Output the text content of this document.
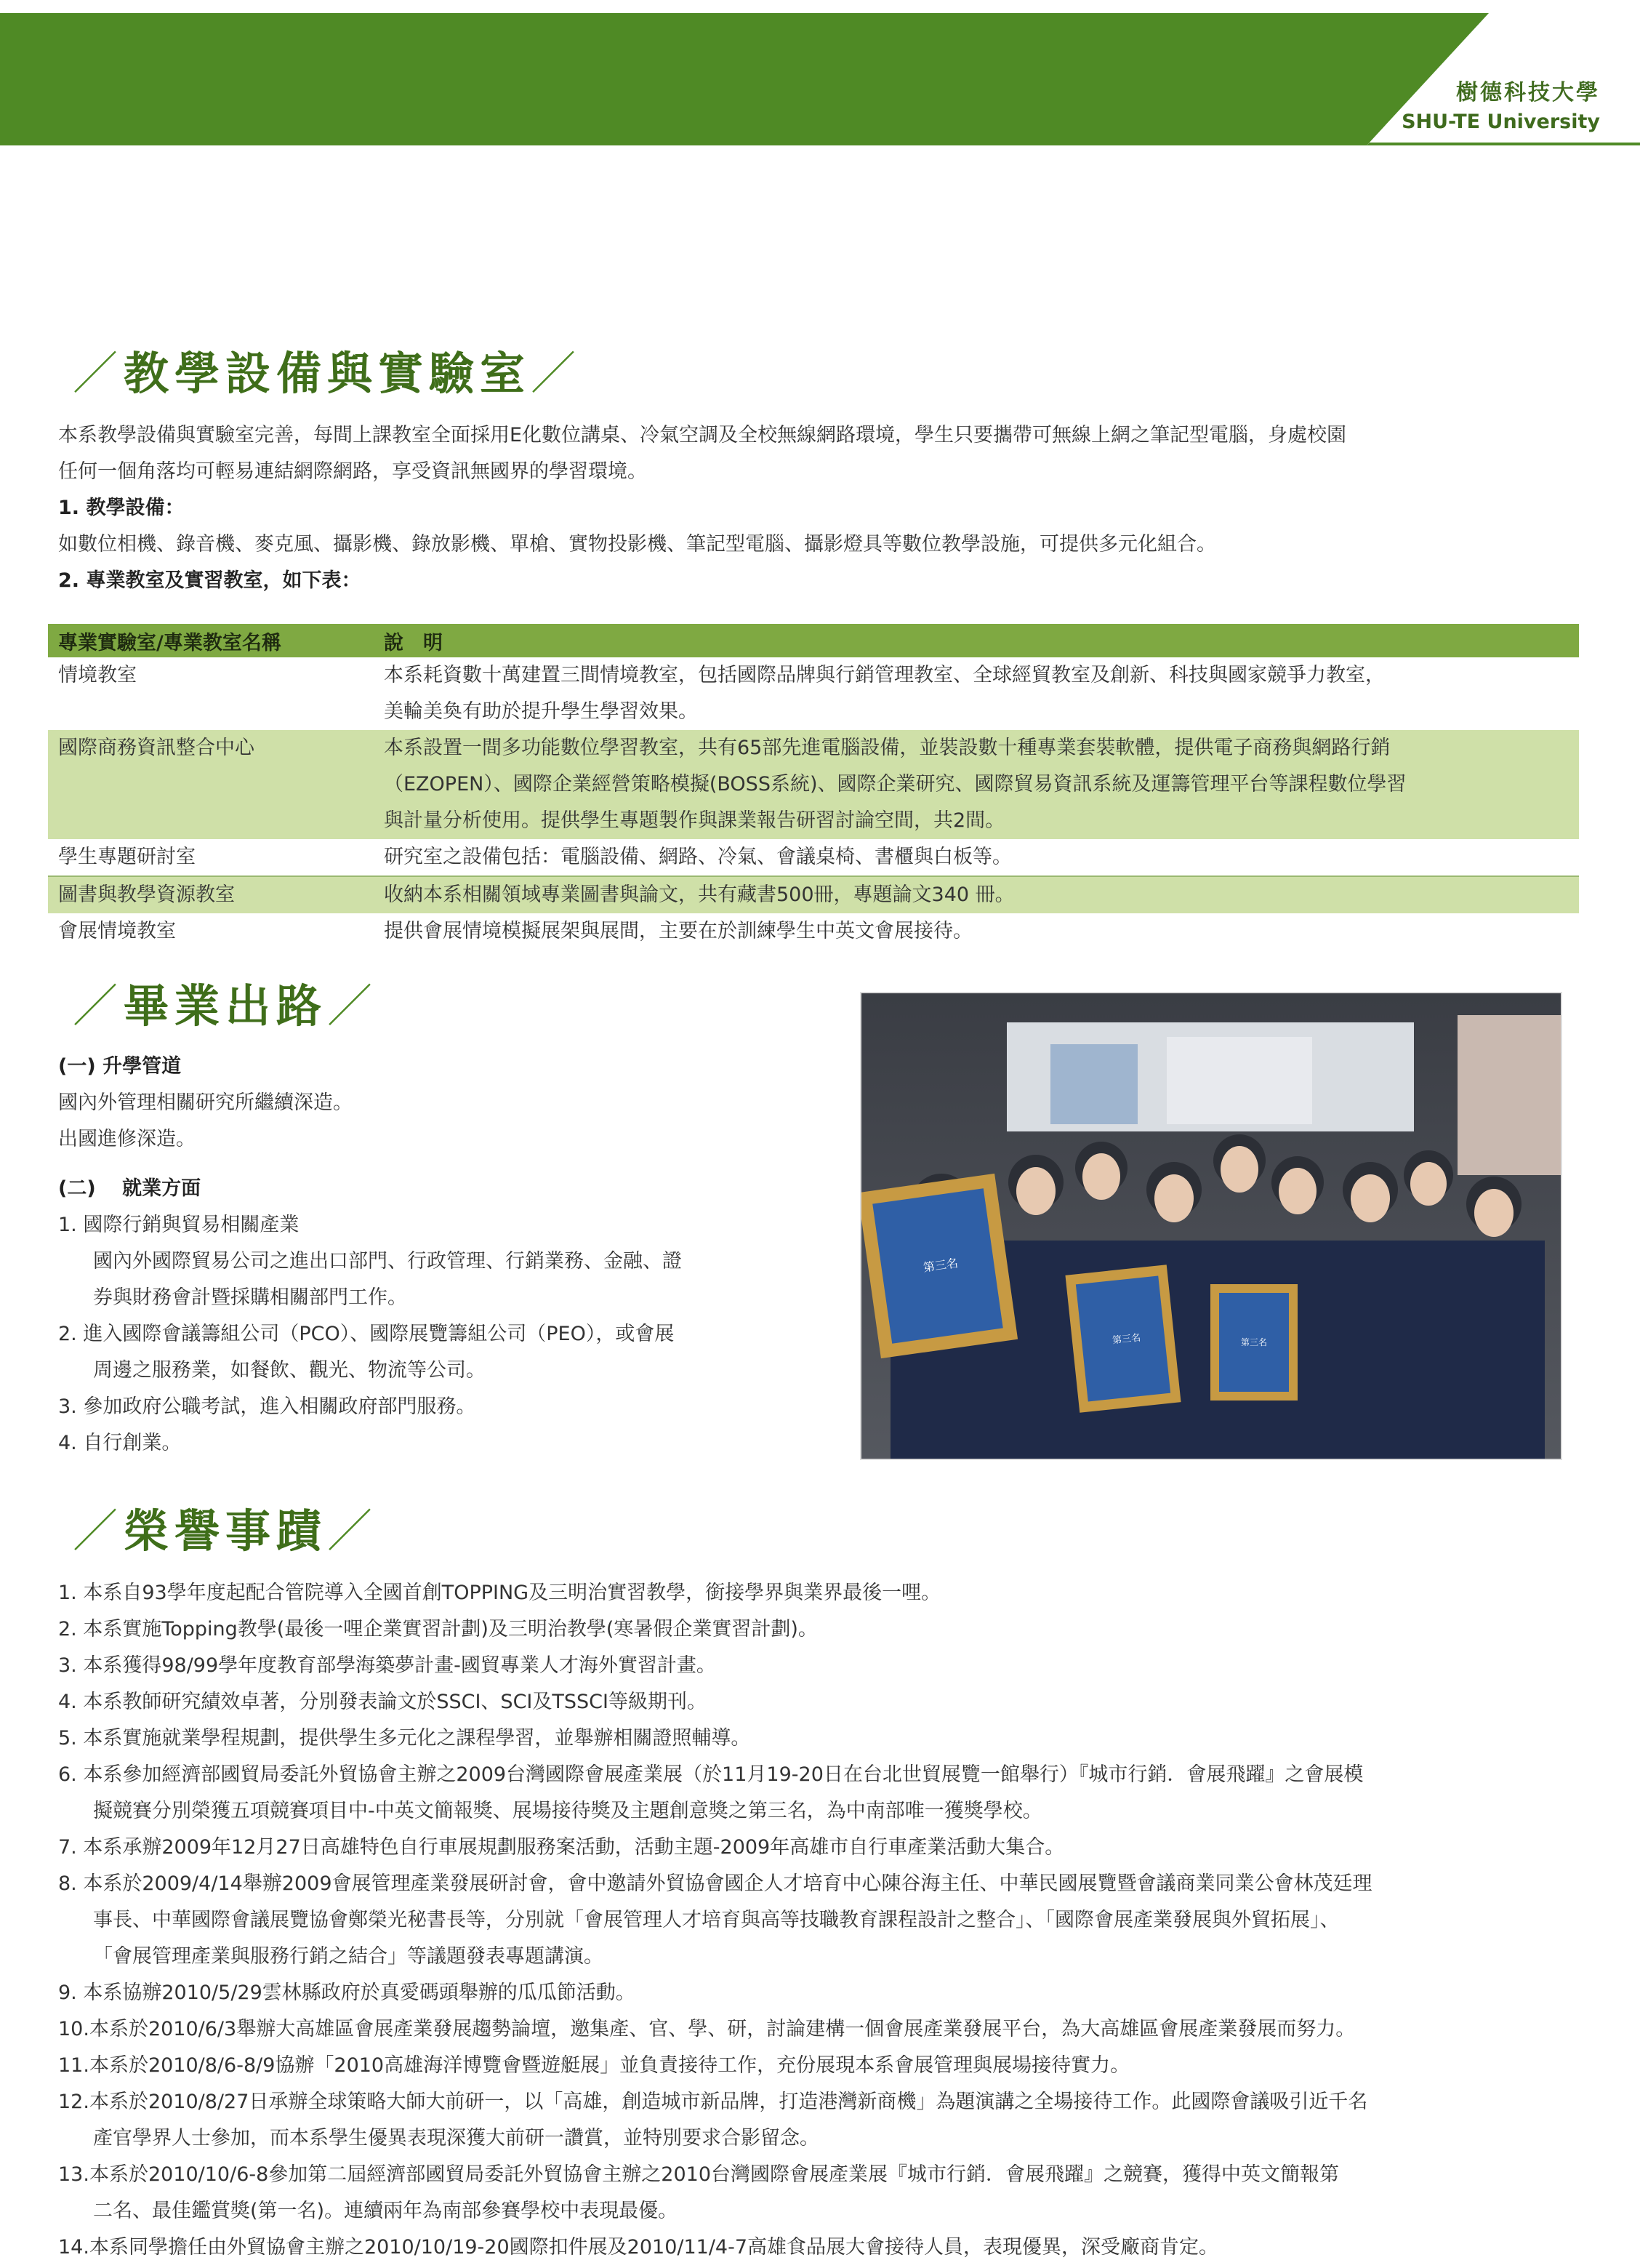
樹德科技大學
SHU-TE University
／教學設備與實驗室／
本系教學設備與實驗室完善，每間上課教室全面採用E化數位講桌、冷氣空調及全校無線網路環境，學生只要攜帶可無線上網之筆記型電腦，身處校園
任何一個角落均可輕易連結網際網路，享受資訊無國界的學習環境。
1. 教學設備：
如數位相機、錄音機、麥克風、攝影機、錄放影機、單槍、實物投影機、筆記型電腦、攝影燈具等數位教學設施，可提供多元化組合。
2. 專業教室及實習教室，如下表：
專業實驗室/專業教室名稱	說　明
情境教室	本系耗資數十萬建置三間情境教室，包括國際品牌與行銷管理教室、全球經貿教室及創新、科技與國家競爭力教室，
美輪美奐有助於提升學生學習效果。

國際商務資訊整合中心	本系設置一間多功能數位學習教室，共有65部先進電腦設備，並裝設數十種專業套裝軟體，提供電子商務與網路行銷
（EZOPEN）、國際企業經營策略模擬(BOSS系統)、國際企業研究、國際貿易資訊系統及運籌管理平台等課程數位學習
與計量分析使用。提供學生專題製作與課業報告研習討論空間，共2間。

學生專題研討室	研究室之設備包括：電腦設備、網路、冷氣、會議桌椅、書櫃與白板等。

圖書與教學資源教室	收納本系相關領域專業圖書與論文，共有藏書500冊，專題論文340 冊。

會展情境教室	提供會展情境模擬展架與展間，主要在於訓練學生中英文會展接待。
／畢業出路／
(一) 升學管道
國內外管理相關研究所繼續深造。
出國進修深造。
(二)　 就業方面
1. 國際行銷與貿易相關產業
國內外國際貿易公司之進出口部門、行政管理、行銷業務、金融、證
券與財務會計暨採購相關部門工作。
2. 進入國際會議籌組公司（PCO）、國際展覽籌組公司（PEO），或會展
周邊之服務業，如餐飲、觀光、物流等公司。
3. 參加政府公職考試，進入相關政府部門服務。
4. 自行創業。
第三名
第三名	第三名
／榮譽事蹟／
1. 本系自93學年度起配合管院導入全國首創TOPPING及三明治實習教學，銜接學界與業界最後一哩。
2. 本系實施Topping教學(最後一哩企業實習計劃)及三明治教學(寒暑假企業實習計劃)。
3. 本系獲得98/99學年度教育部學海築夢計畫-國貿專業人才海外實習計畫。
4. 本系教師研究績效卓著，分別發表論文於SSCI、SCI及TSSCI等級期刊。
5. 本系實施就業學程規劃，提供學生多元化之課程學習，並舉辦相關證照輔導。
6. 本系參加經濟部國貿局委託外貿協會主辦之2009台灣國際會展產業展（於11月19-20日在台北世貿展覽一館舉行）『城市行銷．會展飛躍』之會展模
擬競賽分別榮獲五項競賽項目中-中英文簡報獎、展場接待獎及主題創意獎之第三名，為中南部唯一獲獎學校。
7. 本系承辦2009年12月27日高雄特色自行車展規劃服務案活動，活動主題-2009年高雄市自行車產業活動大集合。
8. 本系於2009/4/14舉辦2009會展管理產業發展研討會，會中邀請外貿協會國企人才培育中心陳谷海主任、中華民國展覽暨會議商業同業公會林茂廷理
事長、中華國際會議展覽協會鄭榮光秘書長等，分別就「會展管理人才培育與高等技職教育課程設計之整合」、「國際會展產業發展與外貿拓展」、
「會展管理產業與服務行銷之結合」等議題發表專題講演。
9. 本系協辦2010/5/29雲林縣政府於真愛碼頭舉辦的瓜瓜節活動。
10.本系於2010/6/3舉辦大高雄區會展產業發展趨勢論壇，邀集產、官、學、研，討論建構一個會展產業發展平台，為大高雄區會展產業發展而努力。
11.本系於2010/8/6-8/9協辦「2010高雄海洋博覽會暨遊艇展」並負責接待工作，充份展現本系會展管理與展場接待實力。
12.本系於2010/8/27日承辦全球策略大師大前研一，以「高雄，創造城市新品牌，打造港灣新商機」為題演講之全場接待工作。此國際會議吸引近千名
產官學界人士參加，而本系學生優異表現深獲大前研一讚賞，並特別要求合影留念。
13.本系於2010/10/6-8參加第二屆經濟部國貿局委託外貿協會主辦之2010台灣國際會展產業展『城市行銷．會展飛躍』之競賽，獲得中英文簡報第
二名、最佳鑑賞獎(第一名)。連續兩年為南部參賽學校中表現最優。
14.本系同學擔任由外貿協會主辦之2010/10/19-20國際扣件展及2010/11/4-7高雄食品展大會接待人員，表現優異，深受廠商肯定。
